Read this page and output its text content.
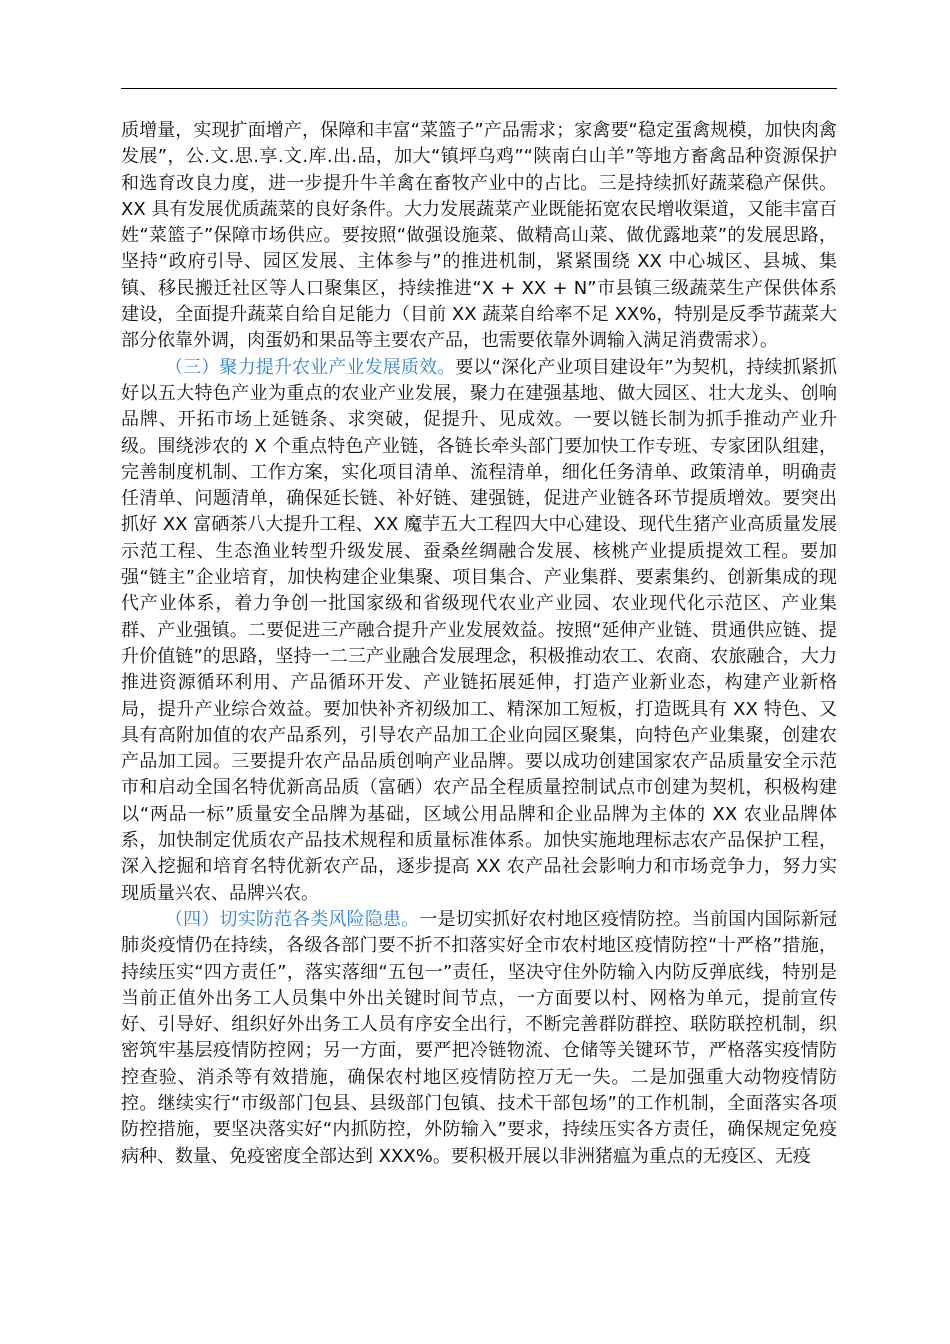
质增量，实现扩面增产，保障和丰富“菜篮子”产品需求；家禽要“稳定蛋禽规模，加快肉禽发展”，公.文.思.享.文.库.出.品，加大“镇坪乌鸡”“陕南白山羊”等地方畜禽品种资源保护和选育改良力度，进一步提升牛羊禽在畜牧产业中的占比。三是持续抓好蔬菜稳产保供。XX 具有发展优质蔬菜的良好条件。大力发展蔬菜产业既能拓宽农民增收渠道，又能丰富百姓“菜篮子”保障市场供应。要按照“做强设施菜、做精高山菜、做优露地菜”的发展思路，坚持“政府引导、园区发展、主体参与”的推进机制，紧紧围绕 XX 中心城区、县城、集镇、移民搬迁社区等人口聚集区，持续推进“X + XX + N”市县镇三级蔬菜生产保供体系建设，全面提升蔬菜自给自足能力（目前 XX 蔬菜自给率不足 XX%，特别是反季节蔬菜大部分依靠外调，肉蛋奶和果品等主要农产品，也需要依靠外调输入满足消费需求）。

（三）聚力提升农业产业发展质效。要以“深化产业项目建设年”为契机，持续抓紧抓好以五大特色产业为重点的农业产业发展，聚力在建强基地、做大园区、壮大龙头、创响品牌、开拓市场上延链条、求突破，促提升、见成效。一要以链长制为抓手推动产业升级。围绕涉农的 X 个重点特色产业链，各链长牵头部门要加快工作专班、专家团队组建，完善制度机制、工作方案，实化项目清单、流程清单，细化任务清单、政策清单，明确责任清单、问题清单，确保延长链、补好链、建强链，促进产业链各环节提质增效。要突出抓好 XX 富硒茶八大提升工程、XX 魔芋五大工程四大中心建设、现代生猪产业高质量发展示范工程、生态渔业转型升级发展、蚕桑丝绸融合发展、核桃产业提质提效工程。要加强“链主”企业培育，加快构建企业集聚、项目集合、产业集群、要素集约、创新集成的现代产业体系，着力争创一批国家级和省级现代农业产业园、农业现代化示范区、产业集群、产业强镇。二要促进三产融合提升产业发展效益。按照“延伸产业链、贯通供应链、提升价值链”的思路，坚持一二三产业融合发展理念，积极推动农工、农商、农旅融合，大力推进资源循环利用、产品循环开发、产业链拓展延伸，打造产业新业态，构建产业新格局，提升产业综合效益。要加快补齐初级加工、精深加工短板，打造既具有 XX 特色、又具有高附加值的农产品系列，引导农产品加工企业向园区聚集，向特色产业集聚，创建农产品加工园。三要提升农产品品质创响产业品牌。要以成功创建国家农产品质量安全示范市和启动全国名特优新高品质（富硒）农产品全程质量控制试点市创建为契机，积极构建以“两品一标”质量安全品牌为基础，区域公用品牌和企业品牌为主体的 XX 农业品牌体系，加快制定优质农产品技术规程和质量标准体系。加快实施地理标志农产品保护工程，深入挖掘和培育名特优新农产品，逐步提高 XX 农产品社会影响力和市场竞争力，努力实现质量兴农、品牌兴农。

（四）切实防范各类风险隐患。一是切实抓好农村地区疫情防控。当前国内国际新冠肺炎疫情仍在持续，各级各部门要不折不扣落实好全市农村地区疫情防控“十严格”措施，持续压实“四方责任”，落实落细“五包一”责任，坚决守住外防输入内防反弹底线，特别是当前正值外出务工人员集中外出关键时间节点，一方面要以村、网格为单元，提前宣传好、引导好、组织好外出务工人员有序安全出行，不断完善群防群控、联防联控机制，织密筑牢基层疫情防控网；另一方面，要严把冷链物流、仓储等关键环节，严格落实疫情防控查验、消杀等有效措施，确保农村地区疫情防控万无一失。二是加强重大动物疫情防控。继续实行“市级部门包县、县级部门包镇、技术干部包场”的工作机制，全面落实各项防控措施，要坚决落实好“内抓防控，外防输入”要求，持续压实各方责任，确保规定免疫病种、数量、免疫密度全部达到 XXX%。要积极开展以非洲猪瘟为重点的无疫区、无疫
